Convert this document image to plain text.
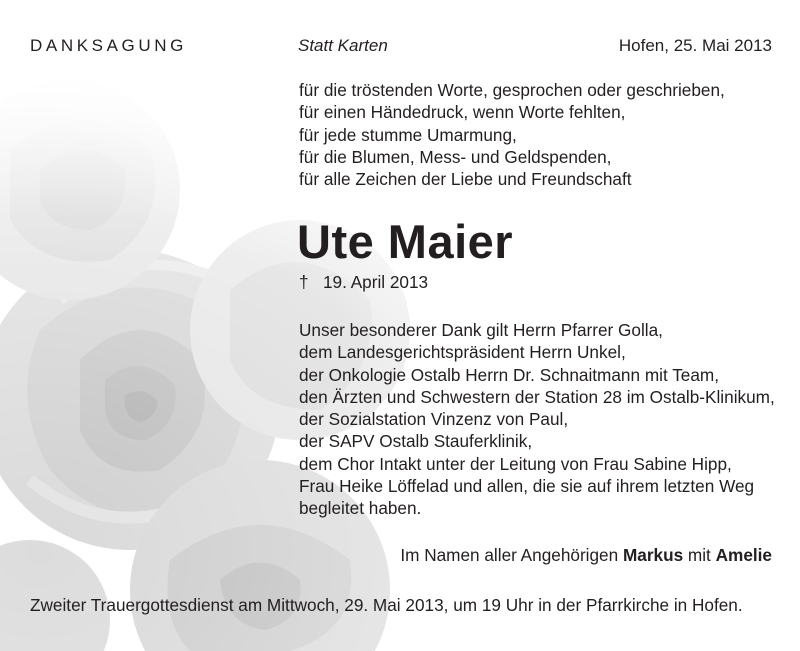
DANKSAGUNG	Statt Karten	Hofen, 25. Mai 2013
für die tröstenden Worte, gesprochen oder geschrieben,
für einen Händedruck, wenn Worte fehlten,
für jede stumme Umarmung,
für die Blumen, Mess- und Geldspenden,
für alle Zeichen der Liebe und Freundschaft
Ute Maier
† 19. April 2013
Unser besonderer Dank gilt Herrn Pfarrer Golla,
dem Landesgerichtspräsident Herrn Unkel,
der Onkologie Ostalb Herrn Dr. Schnaitmann mit Team,
den Ärzten und Schwestern der Station 28 im Ostalb-Klinikum,
der Sozialstation Vinzenz von Paul,
der SAPV Ostalb Stauferklinik,
dem Chor Intakt unter der Leitung von Frau Sabine Hipp,
Frau Heike Löffelad und allen, die sie auf ihrem letzten Weg
begleitet haben.
Im Namen aller Angehörigen Markus mit Amelie
Zweiter Trauergottesdienst am Mittwoch, 29. Mai 2013, um 19 Uhr in der Pfarrkirche in Hofen.
